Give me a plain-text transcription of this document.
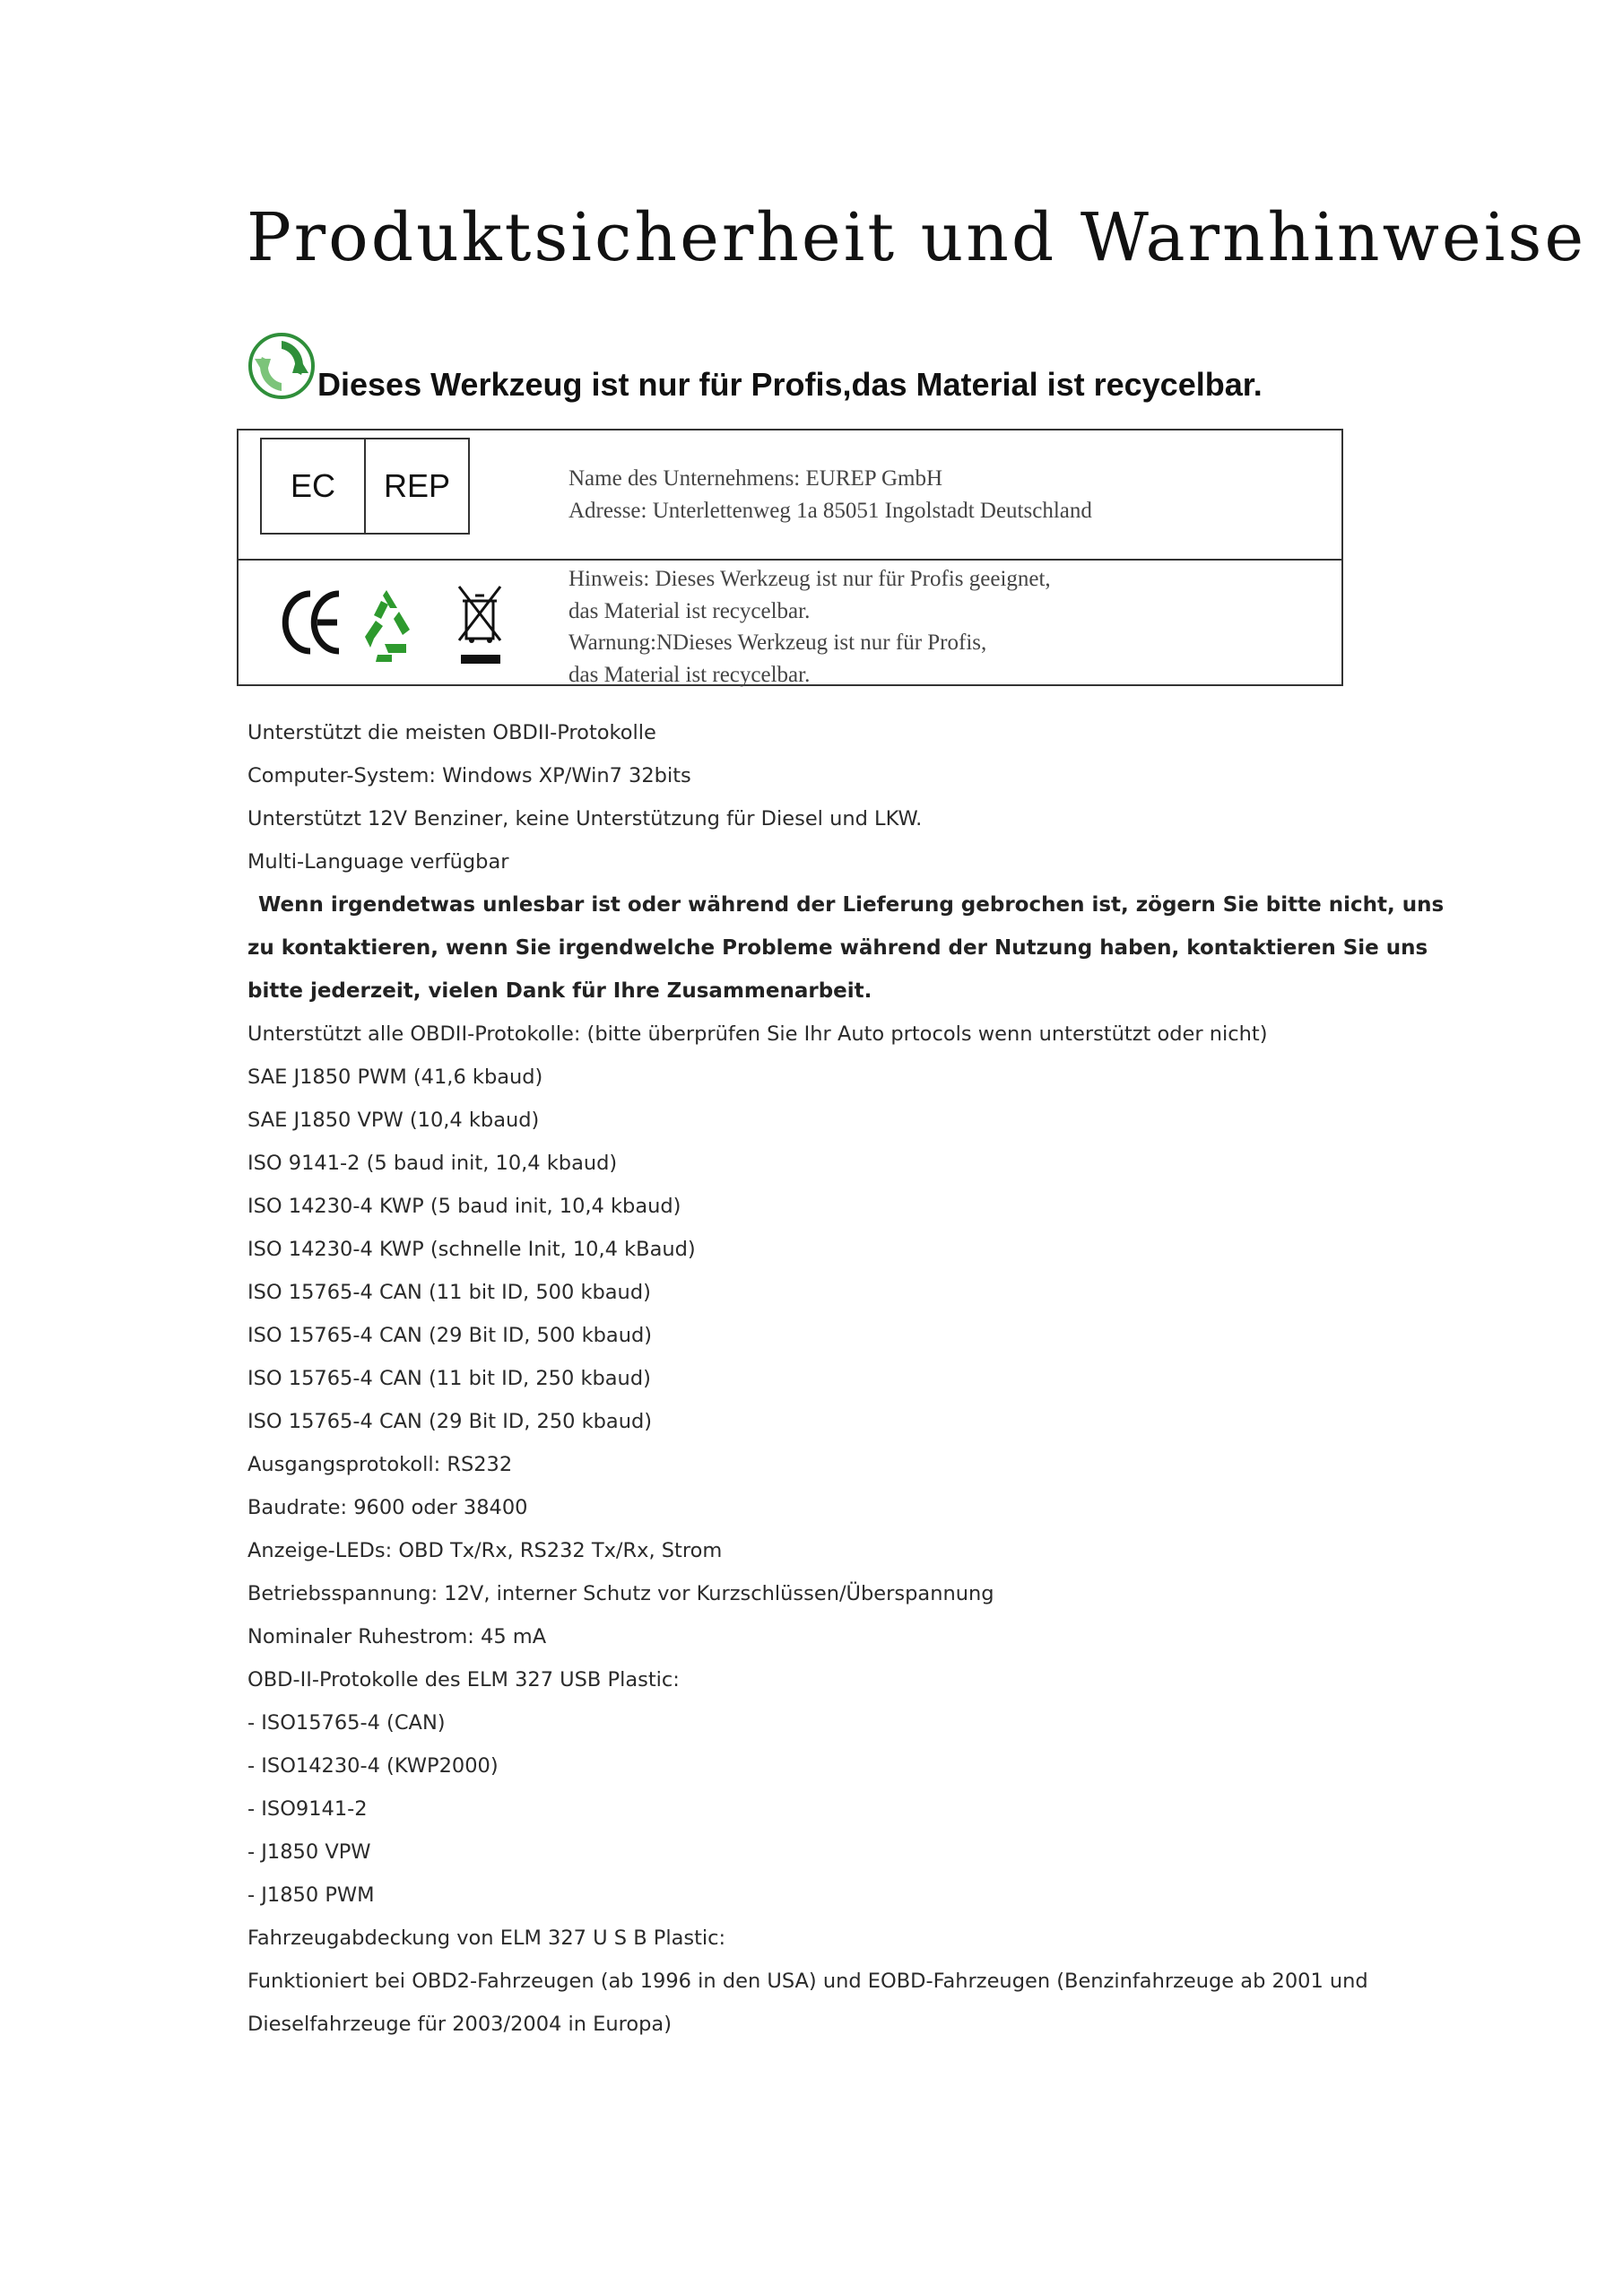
Produktsicherheit und Warnhinweise
Dieses Werkzeug ist nur für Profis,das Material ist recycelbar.
EC	REP	Name des Unternehmens: EUREP GmbH
Adresse: Unterlettenweg 1a 85051 Ingolstadt Deutschland
Hinweis: Dieses Werkzeug ist nur für Profis geeignet,
das Material ist recycelbar.
Warnung:NDieses Werkzeug ist nur für Profis,
das Material ist recycelbar.
Unterstützt die meisten OBDII-Protokolle
Computer-System: Windows XP/Win7 32bits
Unterstützt 12V Benziner, keine Unterstützung für Diesel und LKW.
Multi-Language verfügbar
Wenn irgendetwas unlesbar ist oder während der Lieferung gebrochen ist, zögern Sie bitte nicht, uns
zu kontaktieren, wenn Sie irgendwelche Probleme während der Nutzung haben, kontaktieren Sie uns
bitte jederzeit, vielen Dank für Ihre Zusammenarbeit.
Unterstützt alle OBDII-Protokolle: (bitte überprüfen Sie Ihr Auto prtocols wenn unterstützt oder nicht)
SAE J1850 PWM (41,6 kbaud)
SAE J1850 VPW (10,4 kbaud)
ISO 9141-2 (5 baud init, 10,4 kbaud)
ISO 14230-4 KWP (5 baud init, 10,4 kbaud)
ISO 14230-4 KWP (schnelle Init, 10,4 kBaud)
ISO 15765-4 CAN (11 bit ID, 500 kbaud)
ISO 15765-4 CAN (29 Bit ID, 500 kbaud)
ISO 15765-4 CAN (11 bit ID, 250 kbaud)
ISO 15765-4 CAN (29 Bit ID, 250 kbaud)
Ausgangsprotokoll: RS232
Baudrate: 9600 oder 38400
Anzeige-LEDs: OBD Tx/Rx, RS232 Tx/Rx, Strom
Betriebsspannung: 12V, interner Schutz vor Kurzschlüssen/Überspannung
Nominaler Ruhestrom: 45 mA
OBD-II-Protokolle des ELM 327 USB Plastic:
- ISO15765-4 (CAN)
- ISO14230-4 (KWP2000)
- ISO9141-2
- J1850 VPW
- J1850 PWM
Fahrzeugabdeckung von ELM 327 U S B Plastic:
Funktioniert bei OBD2-Fahrzeugen (ab 1996 in den USA) und EOBD-Fahrzeugen (Benzinfahrzeuge ab 2001 und
Dieselfahrzeuge für 2003/2004 in Europa)
